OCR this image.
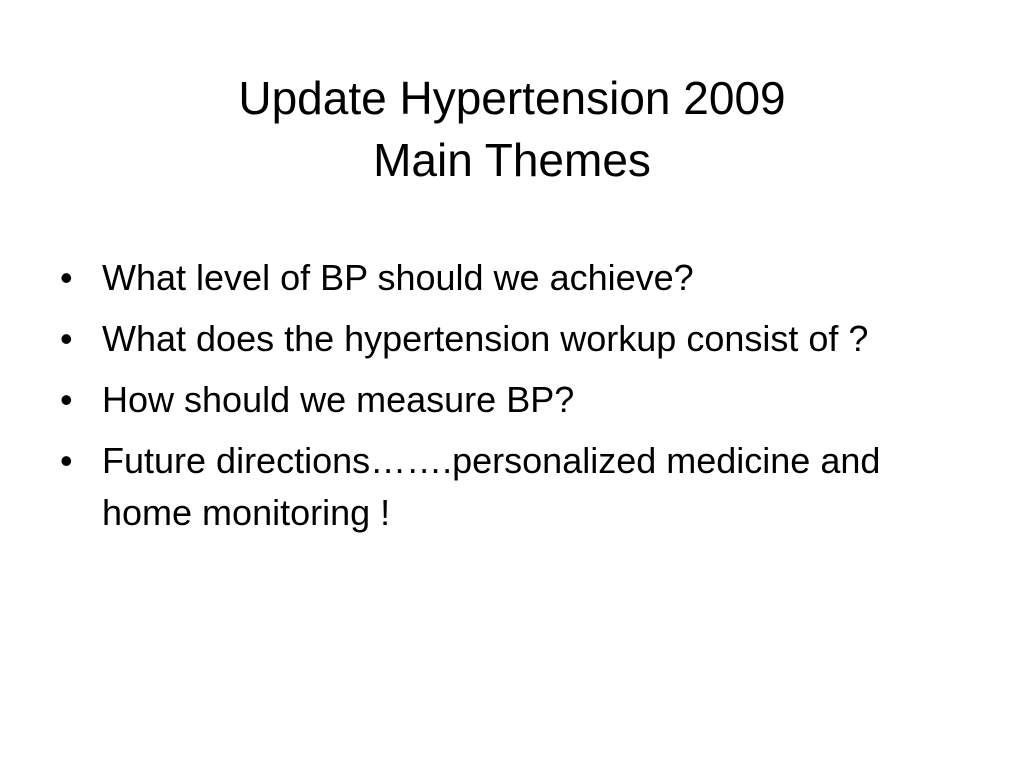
Update Hypertension 2009
Main Themes
• What level of BP should we achieve?
• What does the hypertension workup consist of ?
• How should we measure BP?
• Future directions…….personalized medicine and home monitoring !
